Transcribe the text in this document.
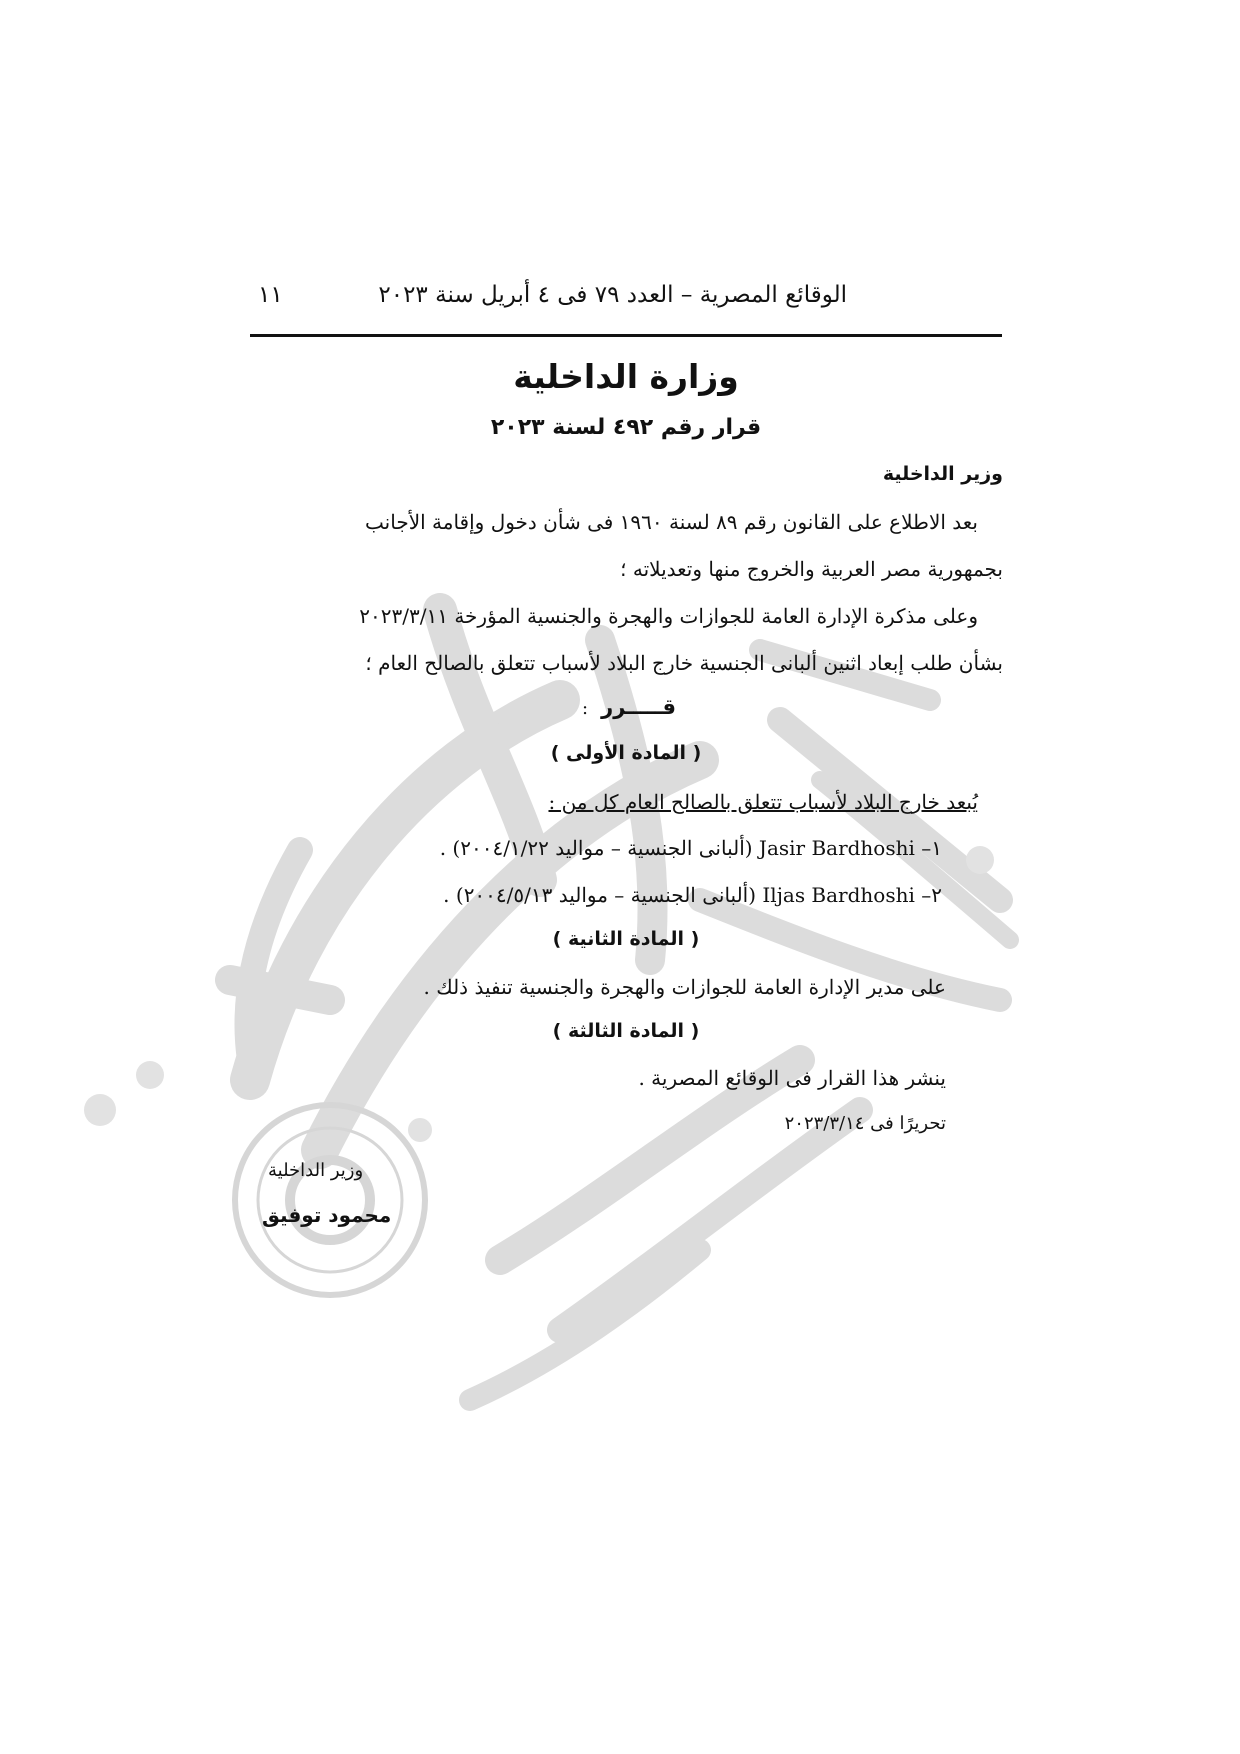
الوقائع المصرية – العدد ٧٩ فى ٤ أبريل سنة ٢٠٢٣
١١
وزارة الداخلية
قرار رقم ٤٩٢ لسنة ٢٠٢٣
وزير الداخلية
بعد الاطلاع على القانون رقم ٨٩ لسنة ١٩٦٠ فى شأن دخول وإقامة الأجانب
بجمهورية مصر العربية والخروج منها وتعديلاته ؛
وعلى مذكرة الإدارة العامة للجوازات والهجرة والجنسية المؤرخة ٢٠٢٣/٣/١١
بشأن طلب إبعاد اثنين ألبانى الجنسية خارج البلاد لأسباب تتعلق بالصالح العام ؛
قـــــرر :
( المادة الأولى )
يُبعد خارج البلاد لأسباب تتعلق بالصالح العام كل من :
١– Jasir Bardhoshi (ألبانى الجنسية – مواليد ٢٠٠٤/١/٢٢) .
٢– Iljas Bardhoshi (ألبانى الجنسية – مواليد ٢٠٠٤/٥/١٣) .
( المادة الثانية )
على مدير الإدارة العامة للجوازات والهجرة والجنسية تنفيذ ذلك .
( المادة الثالثة )
ينشر هذا القرار فى الوقائع المصرية .
تحريرًا فى ٢٠٢٣/٣/١٤
وزير الداخلية
محمود توفيق
